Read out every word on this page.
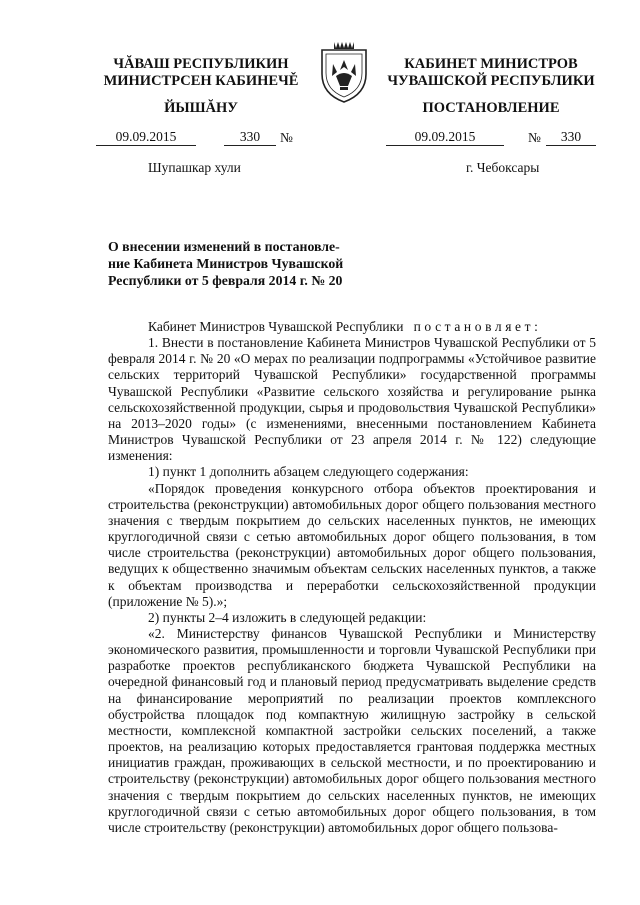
ЧĂВАШ РЕСПУБЛИКИН
МИНИСТРСЕН КАБИНЕЧĚ
ЙЫШĂНУ
КАБИНЕТ МИНИСТРОВ
ЧУВАШСКОЙ РЕСПУБЛИКИ
ПОСТАНОВЛЕНИЕ
09.09.2015	330	№	09.09.2015	№	330
Шупашкар хули	г. Чебоксары
О внесении изменений в постановле-
ние Кабинета Министров Чувашской
Республики от 5 февраля 2014 г. № 20

Кабинет Министров Чувашской Республики постановляет:

1. Внести в постановление Кабинета Министров Чувашской Республики от 5 февраля 2014 г. № 20 «О мерах по реализации подпрограммы «Устойчивое развитие сельских территорий Чувашской Республики» государственной программы Чувашской Республики «Развитие сельского хозяйства и регулирование рынка сельскохозяйственной продукции, сырья и продовольствия Чувашской Республики» на 2013–2020 годы» (с изменениями, внесенными постановлением Кабинета Министров Чувашской Республики от 23 апреля 2014 г. № 122) следующие изменения:

1) пункт 1 дополнить абзацем следующего содержания:

«Порядок проведения конкурсного отбора объектов проектирования и строительства (реконструкции) автомобильных дорог общего пользования местного значения с твердым покрытием до сельских населенных пунктов, не имеющих круглогодичной связи с сетью автомобильных дорог общего пользования, в том числе строительства (реконструкции) автомобильных дорог общего пользования, ведущих к общественно значимым объектам сельских населенных пунктов, а также к объектам производства и переработки сельскохозяйственной продукции (приложение № 5).»;

2) пункты 2–4 изложить в следующей редакции:

«2. Министерству финансов Чувашской Республики и Министерству экономического развития, промышленности и торговли Чувашской Республики при разработке проектов республиканского бюджета Чувашской Республики на очередной финансовый год и плановый период предусматривать выделение средств на финансирование мероприятий по реализации проектов комплексного обустройства площадок под компактную жилищную застройку в сельской местности, комплексной компактной застройки сельских поселений, а также проектов, на реализацию которых предоставляется грантовая поддержка местных инициатив граждан, проживающих в сельской местности, и по проектированию и строительству (реконструкции) автомобильных дорог общего пользования местного значения с твердым покрытием до сельских населенных пунктов, не имеющих круглогодичной связи с сетью автомобильных дорог общего пользования, в том числе строительству (реконструкции) автомобильных дорог общего пользова-
